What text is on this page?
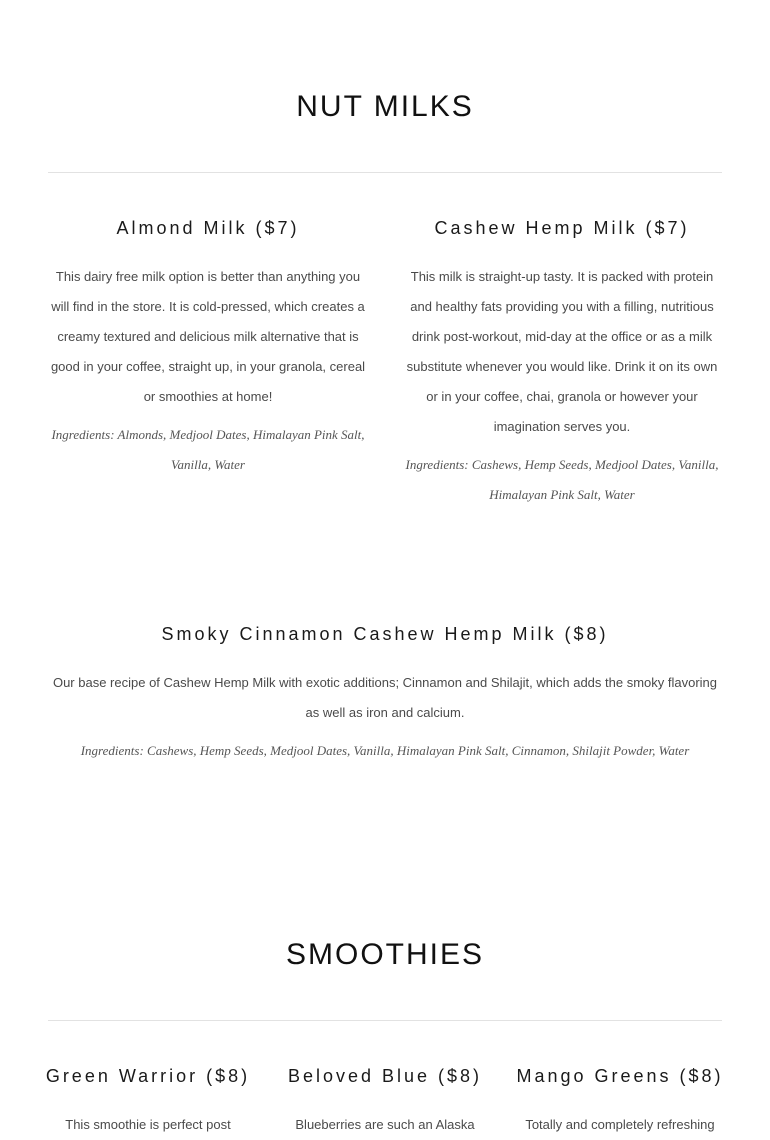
NUT MILKS
Almond Milk ($7)

This dairy free milk option is better than anything you will find in the store. It is cold-pressed, which creates a creamy textured and delicious milk alternative that is good in your coffee, straight up, in your granola, cereal or smoothies at home!

Ingredients: Almonds, Medjool Dates, Himalayan Pink Salt, Vanilla, Water

Cashew Hemp Milk ($7)

This milk is straight-up tasty. It is packed with protein and healthy fats providing you with a filling, nutritious drink post-workout, mid-day at the office or as a milk substitute whenever you would like. Drink it on its own or in your coffee, chai, granola or however your imagination serves you.

Ingredients: Cashews, Hemp Seeds, Medjool Dates, Vanilla, Himalayan Pink Salt, Water

Smoky Cinnamon Cashew Hemp Milk ($8)

Our base recipe of Cashew Hemp Milk with exotic additions; Cinnamon and Shilajit, which adds the smoky flavoring as well as iron and calcium.

Ingredients: Cashews, Hemp Seeds, Medjool Dates, Vanilla, Himalayan Pink Salt, Cinnamon, Shilajit Powder, Water

SMOOTHIES
Green Warrior ($8)

This smoothie is perfect post

Beloved Blue ($8)

Blueberries are such an Alaska

Mango Greens ($8)

Totally and completely refreshing
